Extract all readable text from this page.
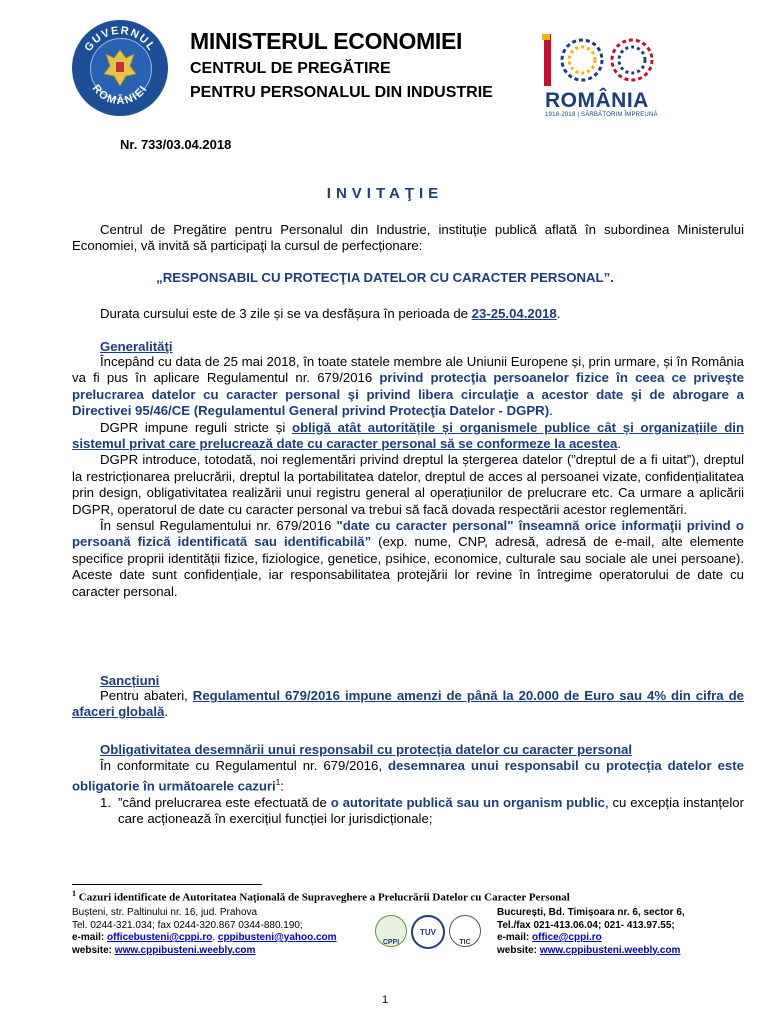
GUVERNUL
ROMÂNIEI
MINISTERUL ECONOMIEI
CENTRUL DE PREGĂTIRE
PENTRU PERSONALUL DIN INDUSTRIE ROMÂNIA
1918-2018 | SĂRBĂTORIM ÎMPREUNĂ
Nr. 733/03.04.2018
INVITAŢIE
Centrul de Pregătire pentru Personalul din Industrie, instituție publică aflată în subordinea Ministerului Economiei, vă invită să participaţi la cursul de perfecționare:
„RESPONSABIL CU PROTECŢIA DATELOR CU CARACTER PERSONAL”.
Durata cursului este de 3 zile și se va desfășura în perioada de 23-25.04.2018.
Generalităţi
Începând cu data de 25 mai 2018, în toate statele membre ale Uniunii Europene și, prin urmare, și în România va fi pus în aplicare Regulamentul nr. 679/2016 privind protecţia persoanelor fizice în ceea ce priveşte prelucrarea datelor cu caracter personal şi privind libera circulaţie a acestor date şi de abrogare a Directivei 95/46/CE (Regulamentul General privind Protecţia Datelor - DGPR).
DGPR impune reguli stricte și obligă atât autoritățile și organismele publice cât și organizațiile din sistemul privat care prelucrează date cu caracter personal să se conformeze la acestea.
DGPR introduce, totodată, noi reglementări privind dreptul la ștergerea datelor (”dreptul de a fi uitat”), dreptul la restricționarea prelucrării, dreptul la portabilitatea datelor, dreptul de acces al persoanei vizate, confidențialitatea prin design, obligativitatea realizării unui registru general al operațiunilor de prelucrare etc. Ca urmare a aplicării DGPR, operatorul de date cu caracter personal va trebui să facă dovada respectării acestor reglementări.
În sensul Regulamentului nr. 679/2016 "date cu caracter personal" înseamnă orice informaţii privind o persoană fizică identificată sau identificabilă” (exp. nume, CNP, adresă, adresă de e-mail, alte elemente specifice proprii identității fizice, fiziologice, genetice, psihice, economice, culturale sau sociale ale unei persoane). Aceste date sunt confidențiale, iar responsabilitatea protejării lor revine în întregime operatorului de date cu caracter personal.
Sancțiuni
Pentru abateri, Regulamentul 679/2016 impune amenzi de până la 20.000 de Euro sau 4% din cifra de afaceri globală.
Obligativitatea desemnării unui responsabil cu protecția datelor cu caracter personal
În conformitate cu Regulamentul nr. 679/2016, desemnarea unui responsabil cu protecția datelor este obligatorie în următoarele cazuri$^1$:
1. ”când prelucrarea este efectuată de o autoritate publică sau un organism public, cu excepția instanțelor care acționează în exercițiul funcției lor jurisdicționale;
$^1$ Cazuri identificate de Autoritatea Națională de Supraveghere a Prelucrării Datelor cu Caracter Personal
Bușteni, str. Paltinului nr. 16, jud. Prahova
Tel. 0244-321.034; fax 0244-320.867 0344-880.190;
e-mail: officebusteni@cppi.ro, cppibusteni@yahoo.com
website: www.cppibusteni.weebly.com
CPPI
TUV
TIC
București, Bd. Timișoara nr. 6, sector 6,
Tel./fax 021-413.06.04; 021- 413.97.55;
e-mail: office@cppi.ro
website: www.cppibusteni.weebly.com
1
